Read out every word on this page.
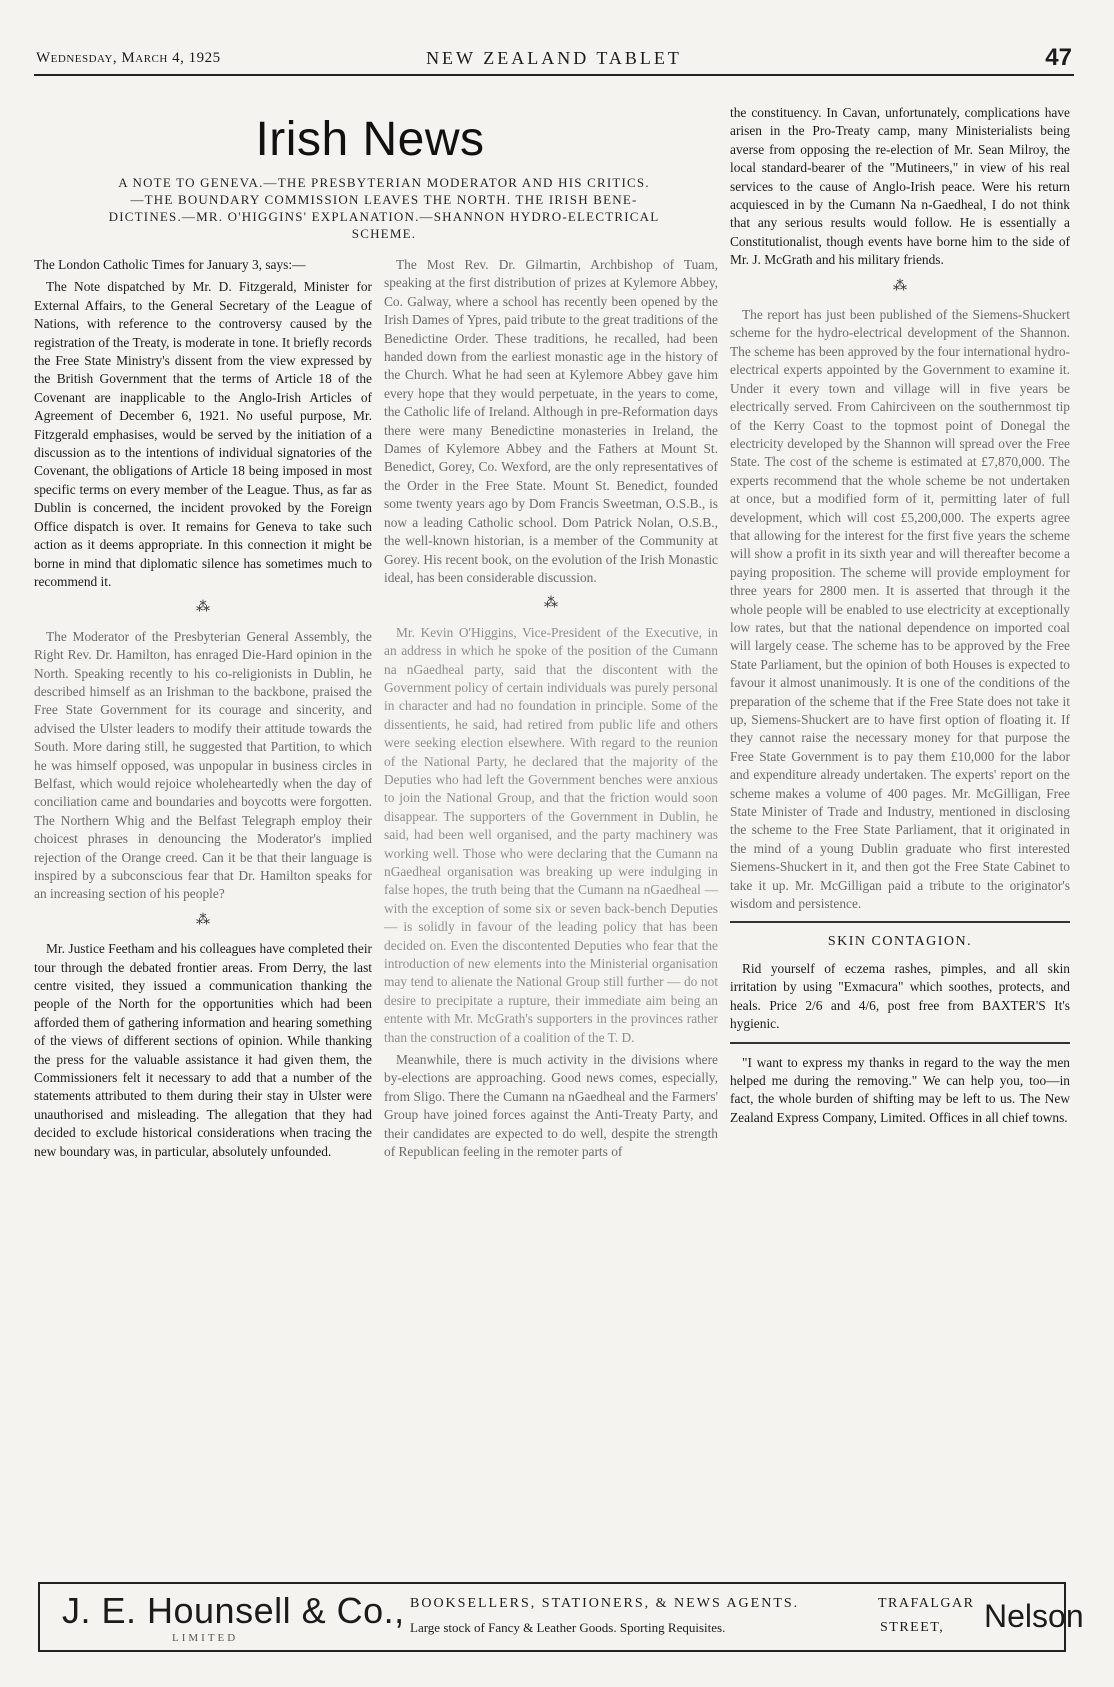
Wednesday, March 4, 1925	NEW ZEALAND TABLET	47
Irish News
A NOTE TO GENEVA.—THE PRESBYTERIAN MODERATOR AND HIS CRITICS.
—THE BOUNDARY COMMISSION LEAVES THE NORTH. THE IRISH BENE-
DICTINES.—MR. O'HIGGINS' EXPLANATION.—SHANNON HYDRO-ELECTRICAL
SCHEME.

The London Catholic Times for January 3, says:—

The Note dispatched by Mr. D. Fitzgerald, Minister for External Affairs, to the General Secretary of the League of Nations, with reference to the controversy caused by the registration of the Treaty, is moderate in tone. It briefly records the Free State Ministry's dissent from the view expressed by the British Government that the terms of Article 18 of the Covenant are inapplicable to the Anglo-Irish Articles of Agreement of December 6, 1921. No useful purpose, Mr. Fitzgerald emphasises, would be served by the initiation of a discussion as to the intentions of individual signatories of the Covenant, the obligations of Article 18 being imposed in most specific terms on every member of the League. Thus, as far as Dublin is concerned, the incident provoked by the Foreign Office dispatch is over. It remains for Geneva to take such action as it deems appropriate. In this connection it might be borne in mind that diplomatic silence has sometimes much to recommend it.

⁂

The Moderator of the Presbyterian General Assembly, the Right Rev. Dr. Hamilton, has enraged Die-Hard opinion in the North. Speaking recently to his co-religionists in Dublin, he described himself as an Irishman to the backbone, praised the Free State Government for its courage and sincerity, and advised the Ulster leaders to modify their attitude towards the South. More daring still, he suggested that Partition, to which he was himself opposed, was unpopular in business circles in Belfast, which would rejoice wholeheartedly when the day of conciliation came and boundaries and boycotts were forgotten. The Northern Whig and the Belfast Telegraph employ their choicest phrases in denouncing the Moderator's implied rejection of the Orange creed. Can it be that their language is inspired by a subconscious fear that Dr. Hamilton speaks for an increasing section of his people?

⁂

Mr. Justice Feetham and his colleagues have completed their tour through the debated frontier areas. From Derry, the last centre visited, they issued a communication thanking the people of the North for the opportunities which had been afforded them of gathering information and hearing something of the views of different sections of opinion. While thanking the press for the valuable assistance it had given them, the Commissioners felt it necessary to add that a number of the statements attributed to them during their stay in Ulster were unauthorised and misleading. The allegation that they had decided to exclude historical considerations when tracing the new boundary was, in particular, absolutely unfounded.

The Most Rev. Dr. Gilmartin, Archbishop of Tuam, speaking at the first distribution of prizes at Kylemore Abbey, Co. Galway, where a school has recently been opened by the Irish Dames of Ypres, paid tribute to the great traditions of the Benedictine Order. These traditions, he recalled, had been handed down from the earliest monastic age in the history of the Church. What he had seen at Kylemore Abbey gave him every hope that they would perpetuate, in the years to come, the Catholic life of Ireland. Although in pre-Reformation days there were many Benedictine monasteries in Ireland, the Dames of Kylemore Abbey and the Fathers at Mount St. Benedict, Gorey, Co. Wexford, are the only representatives of the Order in the Free State. Mount St. Benedict, founded some twenty years ago by Dom Francis Sweetman, O.S.B., is now a leading Catholic school. Dom Patrick Nolan, O.S.B., the well-known historian, is a member of the Community at Gorey. His recent book, on the evolution of the Irish Monastic ideal, has been considerable discussion.

⁂

Mr. Kevin O'Higgins, Vice-President of the Executive, in an address in which he spoke of the position of the Cumann na nGaedheal party, said that the discontent with the Government policy of certain individuals was purely personal in character and had no foundation in principle. Some of the dissentients, he said, had retired from public life and others were seeking election elsewhere. With regard to the reunion of the National Party, he declared that the majority of the Deputies who had left the Government benches were anxious to join the National Group, and that the friction would soon disappear. The supporters of the Government in Dublin, he said, had been well organised, and the party machinery was working well. Those who were declaring that the Cumann na nGaedheal organisation was breaking up were indulging in false hopes, the truth being that the Cumann na nGaedheal — with the exception of some six or seven back-bench Deputies — is solidly in favour of the leading policy that has been decided on. Even the discontented Deputies who fear that the introduction of new elements into the Ministerial organisation may tend to alienate the National Group still further — do not desire to precipitate a rupture, their immediate aim being an entente with Mr. McGrath's supporters in the provinces rather than the construction of a coalition of the T. D.

Meanwhile, there is much activity in the divisions where by-elections are approaching. Good news comes, especially, from Sligo. There the Cumann na nGaedheal and the Farmers' Group have joined forces against the Anti-Treaty Party, and their candidates are expected to do well, despite the strength of Republican feeling in the remoter parts of

the constituency. In Cavan, unfortunately, complications have arisen in the Pro-Treaty camp, many Ministerialists being averse from opposing the re-election of Mr. Sean Milroy, the local standard-bearer of the "Mutineers," in view of his real services to the cause of Anglo-Irish peace. Were his return acquiesced in by the Cumann Na n-Gaedheal, I do not think that any serious results would follow. He is essentially a Constitutionalist, though events have borne him to the side of Mr. J. McGrath and his military friends.

⁂

The report has just been published of the Siemens-Shuckert scheme for the hydro-electrical development of the Shannon. The scheme has been approved by the four international hydro-electrical experts appointed by the Government to examine it. Under it every town and village will in five years be electrically served. From Cahirciveen on the southernmost tip of the Kerry Coast to the topmost point of Donegal the electricity developed by the Shannon will spread over the Free State. The cost of the scheme is estimated at £7,870,000. The experts recommend that the whole scheme be not undertaken at once, but a modified form of it, permitting later of full development, which will cost £5,200,000. The experts agree that allowing for the interest for the first five years the scheme will show a profit in its sixth year and will thereafter become a paying proposition. The scheme will provide employment for three years for 2800 men. It is asserted that through it the whole people will be enabled to use electricity at exceptionally low rates, but that the national dependence on imported coal will largely cease. The scheme has to be approved by the Free State Parliament, but the opinion of both Houses is expected to favour it almost unanimously. It is one of the conditions of the preparation of the scheme that if the Free State does not take it up, Siemens-Shuckert are to have first option of floating it. If they cannot raise the necessary money for that purpose the Free State Government is to pay them £10,000 for the labor and expenditure already undertaken. The experts' report on the scheme makes a volume of 400 pages. Mr. McGilligan, Free State Minister of Trade and Industry, mentioned in disclosing the scheme to the Free State Parliament, that it originated in the mind of a young Dublin graduate who first interested Siemens-Shuckert in it, and then got the Free State Cabinet to take it up. Mr. McGilligan paid a tribute to the originator's wisdom and persistence.

SKIN CONTAGION.

Rid yourself of eczema rashes, pimples, and all skin irritation by using "Exmacura" which soothes, protects, and heals. Price 2/6 and 4/6, post free from BAXTER'S It's hygienic.

"I want to express my thanks in regard to the way the men helped me during the removing." We can help you, too—in fact, the whole burden of shifting may be left to us. The New Zealand Express Company, Limited. Offices in all chief towns.

J. E. Hounsell & Co.,
LIMITED
BOOKSELLERS, STATIONERS, & NEWS AGENTS.
Large stock of Fancy & Leather Goods. Sporting Requisites.
TRAFALGAR
STREET, Nelson
